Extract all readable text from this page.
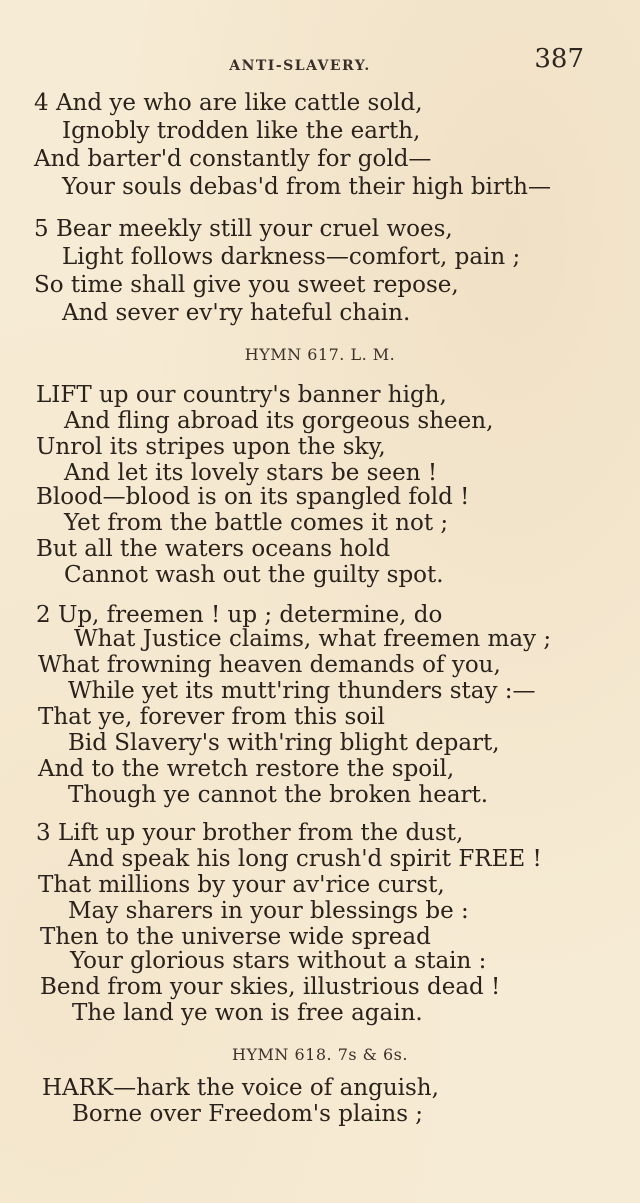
ANTI-SLAVERY.	387
4 And ye who are like cattle sold,
Ignobly trodden like the earth,
And barter'd constantly for gold—
Your souls debas'd from their high birth—
5 Bear meekly still your cruel woes,
Light follows darkness—comfort, pain ;
So time shall give you sweet repose,
And sever ev'ry hateful chain.
HYMN 617. L. M.
LIFT up our country's banner high,
And fling abroad its gorgeous sheen,
Unrol its stripes upon the sky,
And let its lovely stars be seen !
Blood—blood is on its spangled fold !
Yet from the battle comes it not ;
But all the waters oceans hold
Cannot wash out the guilty spot.
2 Up, freemen ! up ; determine, do
What Justice claims, what freemen may ;
What frowning heaven demands of you,
While yet its mutt'ring thunders stay :—
That ye, forever from this soil
Bid Slavery's with'ring blight depart,
And to the wretch restore the spoil,
Though ye cannot the broken heart.
3 Lift up your brother from the dust,
And speak his long crush'd spirit FREE !
That millions by your av'rice curst,
May sharers in your blessings be :
Then to the universe wide spread
Your glorious stars without a stain :
Bend from your skies, illustrious dead !
The land ye won is free again.
HYMN 618. 7s & 6s.
HARK—hark the voice of anguish,
Borne over Freedom's plains ;
